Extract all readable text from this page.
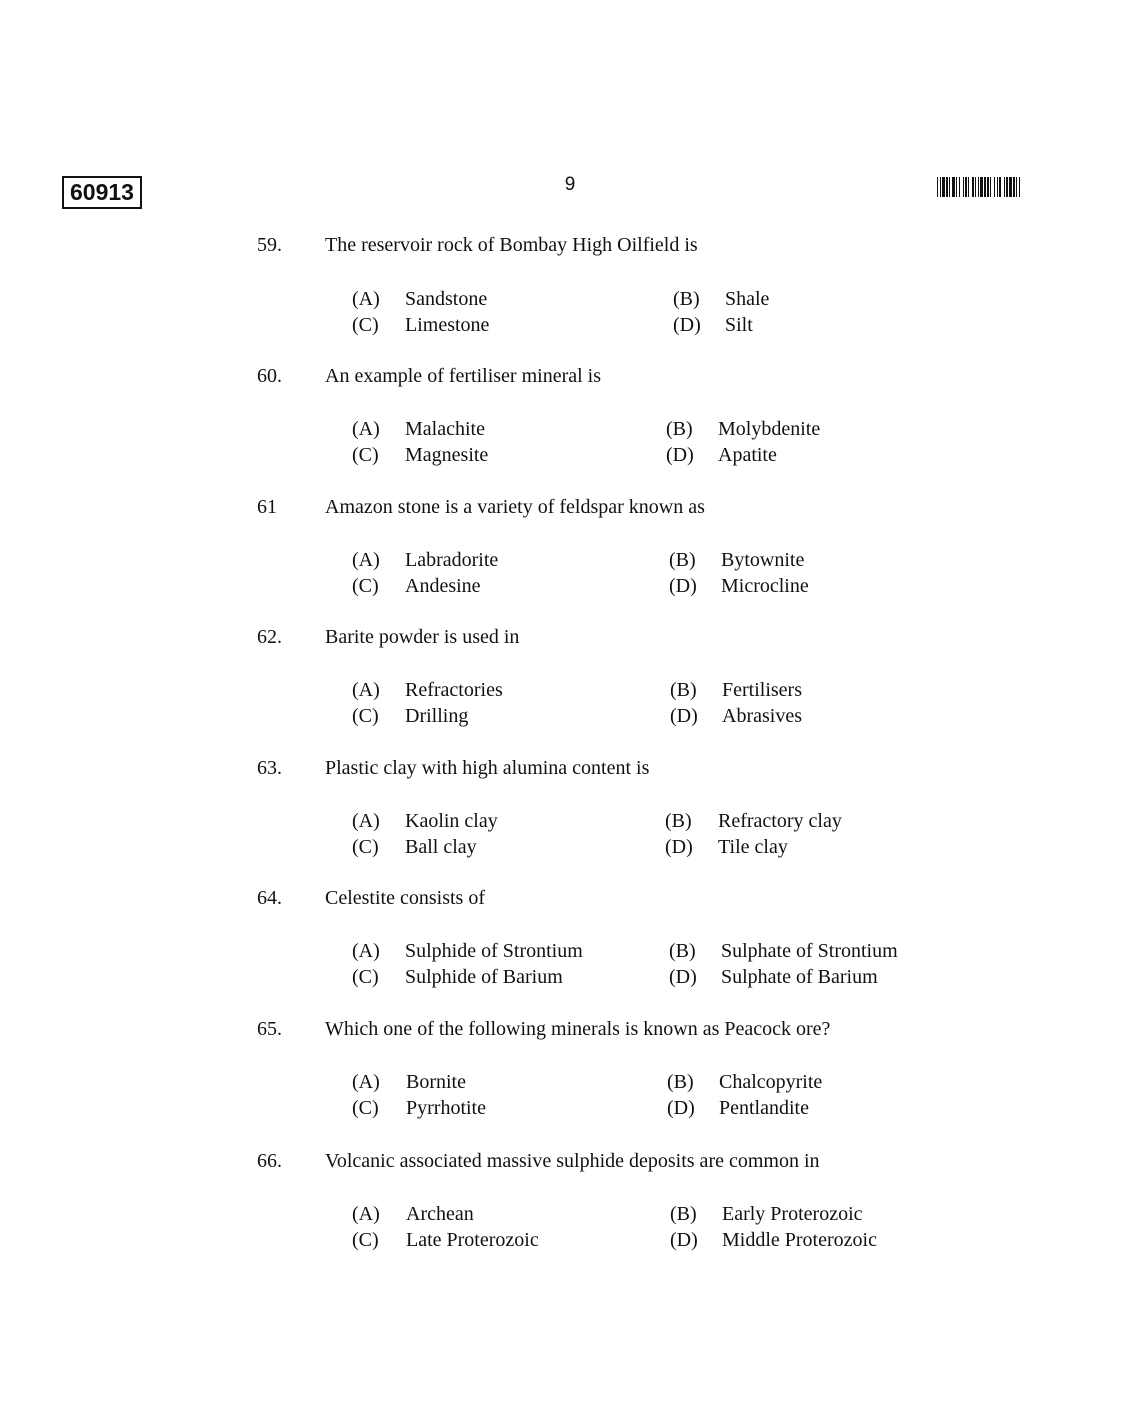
60913	9
59. The reservoir rock of Bombay High Oilfield is
(A) Sandstone	(B) Shale
(C) Limestone	(D) Silt
60. An example of fertiliser mineral is
(A) Malachite	(B) Molybdenite
(C) Magnesite	(D) Apatite
61 Amazon stone is a variety of feldspar known as
(A) Labradorite	(B) Bytownite
(C) Andesine	(D) Microcline
62. Barite powder is used in
(A) Refractories	(B) Fertilisers
(C) Drilling	(D) Abrasives
63. Plastic clay with high alumina content is
(A) Kaolin clay	(B) Refractory clay
(C) Ball clay	(D) Tile clay
64. Celestite consists of
(A) Sulphide of Strontium	(B) Sulphate of Strontium
(C) Sulphide of Barium	(D) Sulphate of Barium
65. Which one of the following minerals is known as Peacock ore?
(A) Bornite	(B) Chalcopyrite
(C) Pyrrhotite	(D) Pentlandite
66. Volcanic associated massive sulphide deposits are common in
(A) Archean	(B) Early Proterozoic
(C) Late Proterozoic	(D) Middle Proterozoic
